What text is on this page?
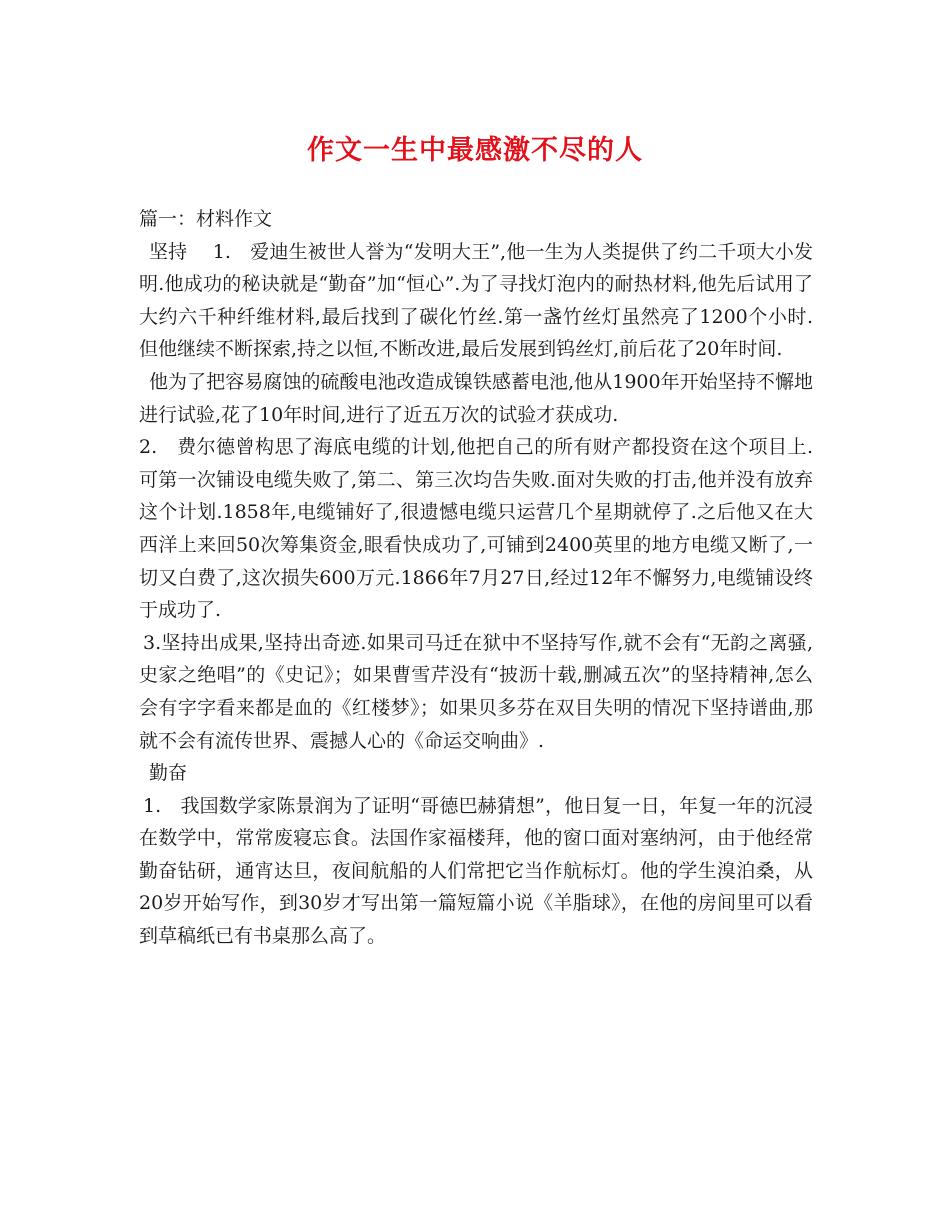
作文一生中最感激不尽的人

篇一：材料作文

坚持　 1.　爱迪生被世人誉为“发明大王”,他一生为人类提供了约二千项大小发明.他成功的秘诀就是“勤奋”加“恒心”.为了寻找灯泡内的耐热材料,他先后试用了大约六千种纤维材料,最后找到了碳化竹丝.第一盏竹丝灯虽然亮了1200个小时.但他继续不断探索,持之以恒,不断改进,最后发展到钨丝灯,前后花了20年时间.

他为了把容易腐蚀的硫酸电池改造成镍铁感蓄电池,他从1900年开始坚持不懈地进行试验,花了10年时间,进行了近五万次的试验才获成功.

2.　费尔德曾构思了海底电缆的计划,他把自己的所有财产都投资在这个项目上.可第一次铺设电缆失败了,第二、第三次均告失败.面对失败的打击,他并没有放弃这个计划.1858年,电缆铺好了,很遗憾电缆只运营几个星期就停了.之后他又在大西洋上来回50次筹集资金,眼看快成功了,可铺到2400英里的地方电缆又断了,一切又白费了,这次损失600万元.1866年7月27日,经过12年不懈努力,电缆铺设终于成功了.

3.坚持出成果,坚持出奇迹.如果司马迁在狱中不坚持写作,就不会有“无韵之离骚,史家之绝唱”的《史记》；如果曹雪芹没有“披沥十载,删减五次”的坚持精神,怎么会有字字看来都是血的《红楼梦》；如果贝多芬在双目失明的情况下坚持谱曲,那就不会有流传世界、震撼人心的《命运交响曲》.

勤奋

1.　我国数学家陈景润为了证明“哥德巴赫猜想”，他日复一日，年复一年的沉浸在数学中，常常废寝忘食。法国作家福楼拜，他的窗口面对塞纳河，由于他经常勤奋钻研，通宵达旦，夜间航船的人们常把它当作航标灯。他的学生溴泊桑，从20岁开始写作，到30岁才写出第一篇短篇小说《羊脂球》，在他的房间里可以看到草稿纸已有书桌那么高了。
